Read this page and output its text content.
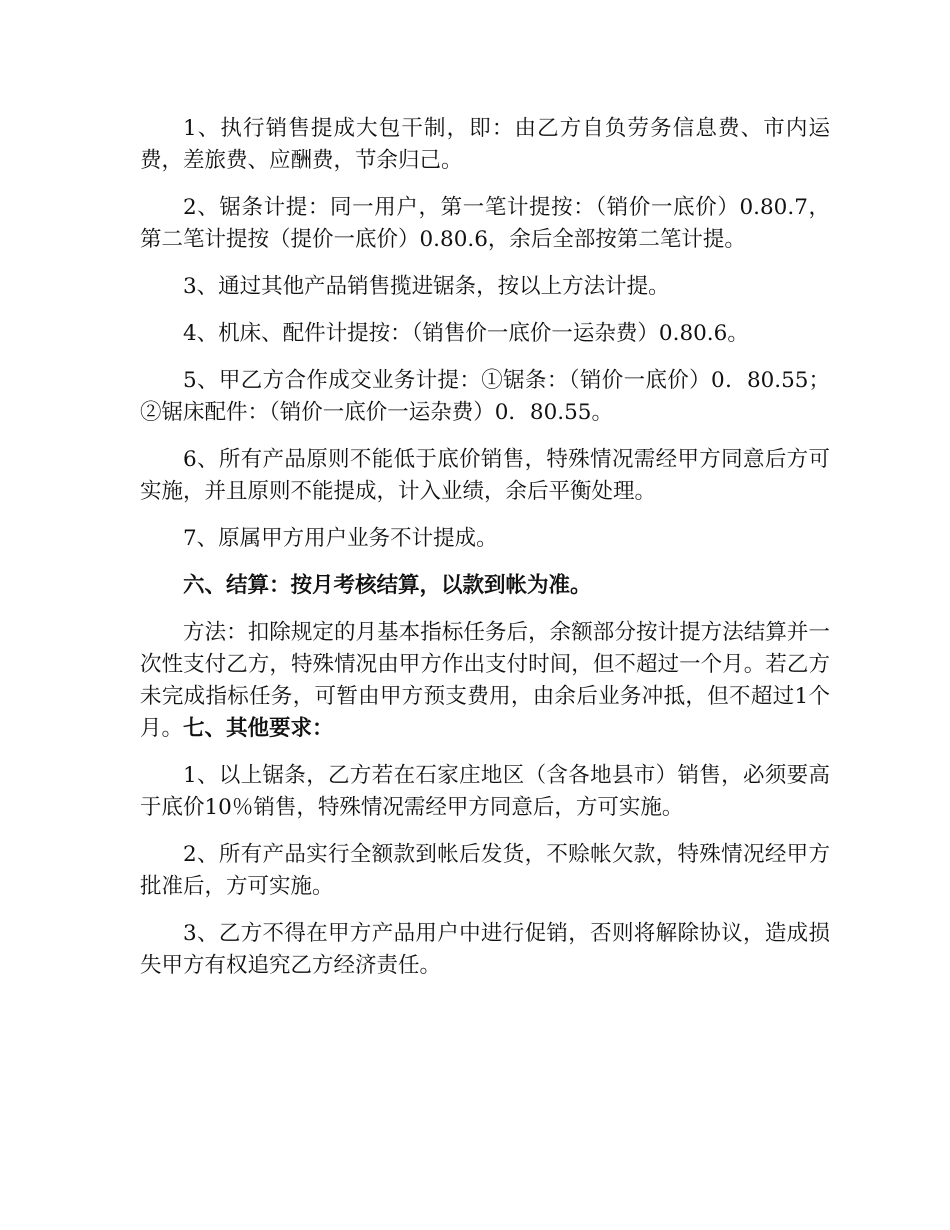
1、执行销售提成大包干制，即：由乙方自负劳务信息费、市内运费，差旅费、应酬费，节余归己。

2、锯条计提：同一用户，第一笔计提按：（销价一底价）0.80.7，第二笔计提按（提价一底价）0.80.6，余后全部按第二笔计提。

3、通过其他产品销售揽进锯条，按以上方法计提。

4、机床、配件计提按：（销售价一底价一运杂费）0.80.6。

5、甲乙方合作成交业务计提：①锯条：（销价一底价）0．80.55；②锯床配件：（销价一底价一运杂费）0．80.55。

6、所有产品原则不能低于底价销售，特殊情况需经甲方同意后方可实施，并且原则不能提成，计入业绩，余后平衡处理。

7、原属甲方用户业务不计提成。

六、结算：按月考核结算，以款到帐为准。

方法：扣除规定的月基本指标任务后，余额部分按计提方法结算并一次性支付乙方，特殊情况由甲方作出支付时间，但不超过一个月。若乙方未完成指标任务，可暂由甲方预支费用，由余后业务冲抵，但不超过1个月。七、其他要求：

1、以上锯条，乙方若在石家庄地区（含各地县市）销售，必须要高于底价10％销售，特殊情况需经甲方同意后，方可实施。

2、所有产品实行全额款到帐后发货，不赊帐欠款，特殊情况经甲方批准后，方可实施。

3、乙方不得在甲方产品用户中进行促销，否则将解除协议，造成损失甲方有权追究乙方经济责任。
